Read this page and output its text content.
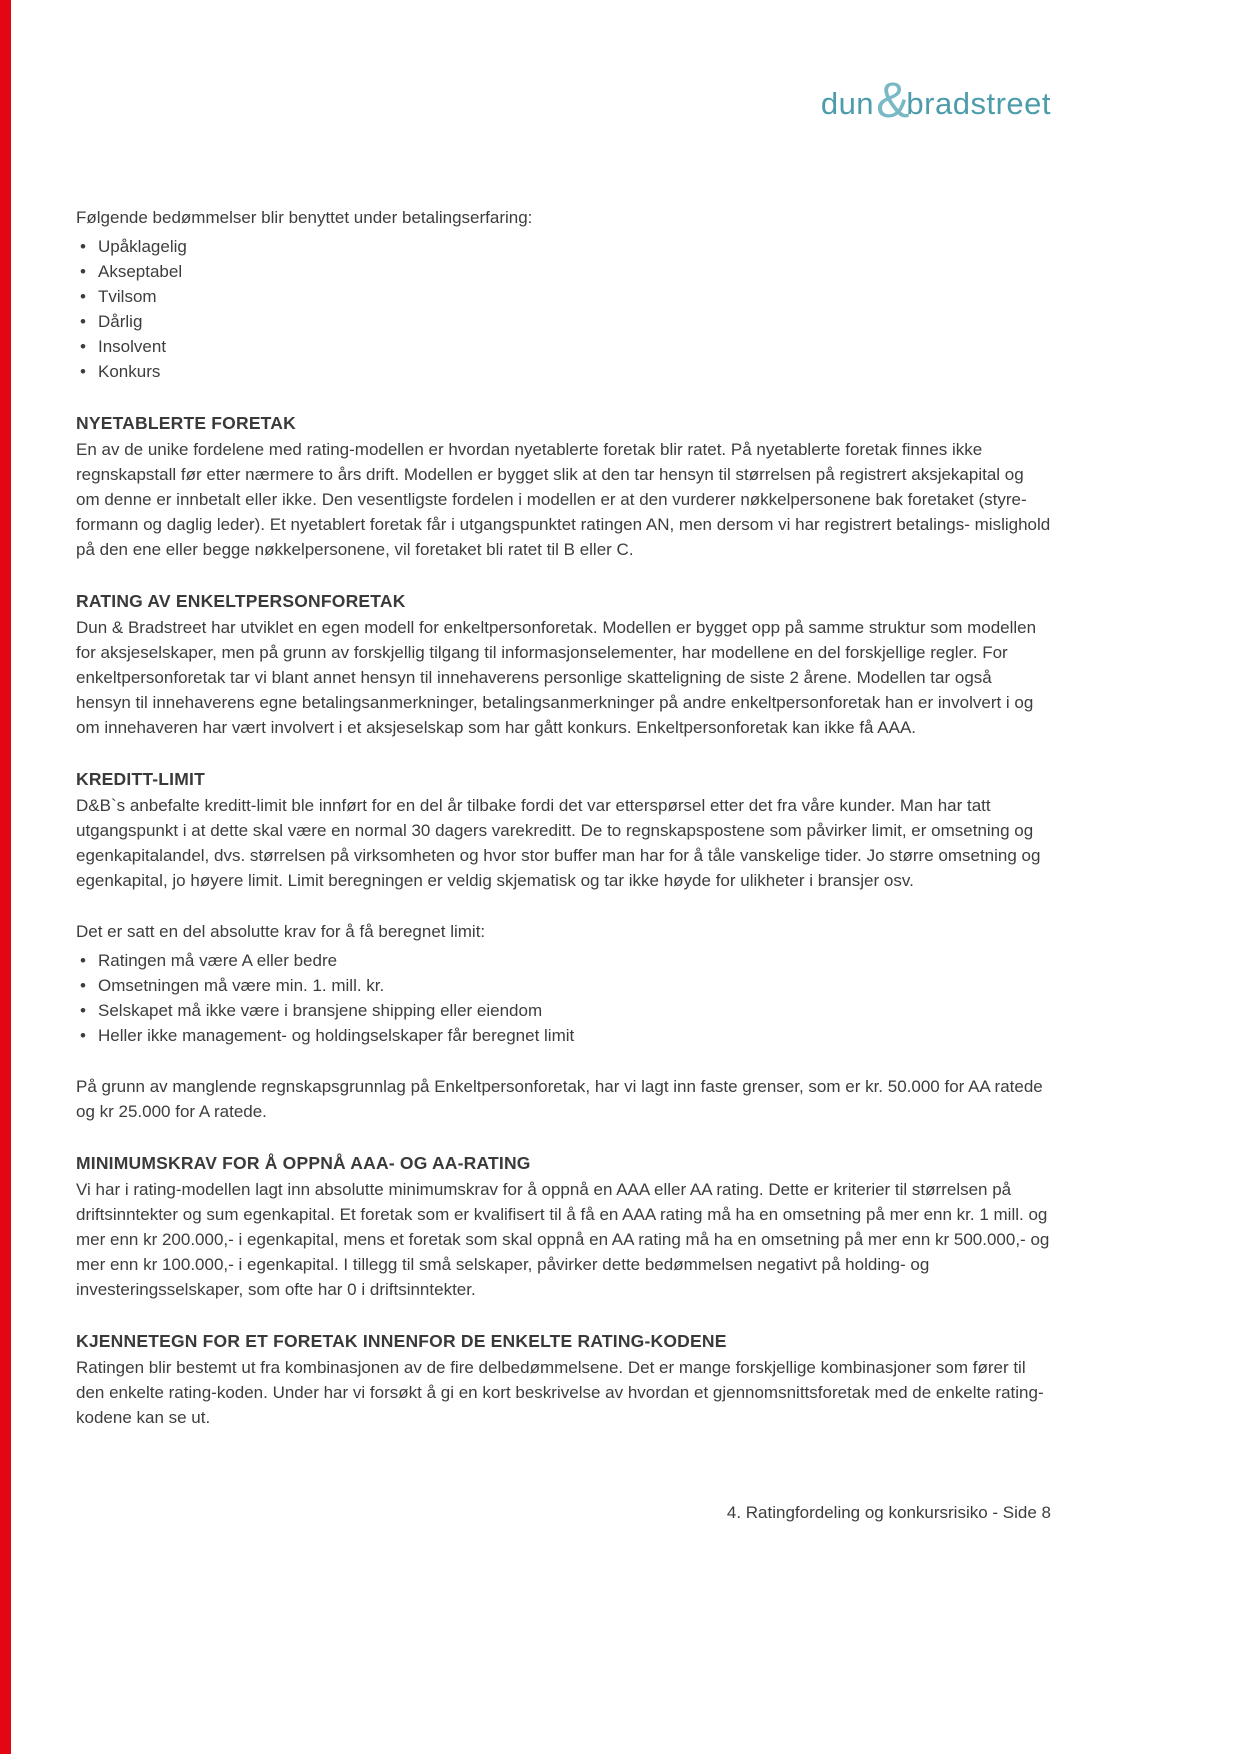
dun &
bradstreet

Følgende bedømmelser blir benyttet under betalingserfaring:

• Upåklagelig
• Akseptabel
• Tvilsom
• Dårlig
• Insolvent
• Konkurs
NYETABLERTE FORETAK

En av de unike fordelene med rating-modellen er hvordan nyetablerte foretak blir ratet. På nyetablerte foretak finnes ikke regnskapstall før etter nærmere to års drift. Modellen er bygget slik at den tar hensyn til størrelsen på registrert aksjekapital og om denne er innbetalt eller ikke. Den vesentligste fordelen i modellen er at den vurderer nøkkelpersonene bak foretaket (styre- formann og daglig leder). Et nyetablert foretak får i utgangspunktet ratingen AN, men dersom vi har registrert betalings- mislighold på den ene eller begge nøkkelpersonene, vil foretaket bli ratet til B eller C.

RATING AV ENKELTPERSONFORETAK

Dun & Bradstreet har utviklet en egen modell for enkeltpersonforetak. Modellen er bygget opp på samme struktur som modellen for aksjeselskaper, men på grunn av forskjellig tilgang til informasjonselementer, har modellene en del forskjellige regler. For enkeltpersonforetak tar vi blant annet hensyn til innehaverens personlige skatteligning de siste 2 årene. Modellen tar også hensyn til innehaverens egne betalingsanmerkninger, betalingsanmerkninger på andre enkeltpersonforetak han er involvert i og om innehaveren har vært involvert i et aksjeselskap som har gått konkurs. Enkeltpersonforetak kan ikke få AAA.

KREDITT-LIMIT

D&B`s anbefalte kreditt-limit ble innført for en del år tilbake fordi det var etterspørsel etter det fra våre kunder. Man har tatt utgangspunkt i at dette skal være en normal 30 dagers varekreditt. De to regnskapspostene som påvirker limit, er omsetning og egenkapitalandel, dvs. størrelsen på virksomheten og hvor stor buffer man har for å tåle vanskelige tider. Jo større omsetning og egenkapital, jo høyere limit. Limit beregningen er veldig skjematisk og tar ikke høyde for ulikheter i bransjer osv.

Det er satt en del absolutte krav for å få beregnet limit:

• Ratingen må være A eller bedre
• Omsetningen må være min. 1. mill. kr.
• Selskapet må ikke være i bransjene shipping eller eiendom
• Heller ikke management- og holdingselskaper får beregnet limit

På grunn av manglende regnskapsgrunnlag på Enkeltpersonforetak, har vi lagt inn faste grenser, som er kr. 50.000 for AA ratede og kr 25.000 for A ratede.

MINIMUMSKRAV FOR Å OPPNÅ AAA- OG AA-RATING

Vi har i rating-modellen lagt inn absolutte minimumskrav for å oppnå en AAA eller AA rating. Dette er kriterier til størrelsen på driftsinntekter og sum egenkapital. Et foretak som er kvalifisert til å få en AAA rating må ha en omsetning på mer enn kr. 1 mill. og mer enn kr 200.000,- i egenkapital, mens et foretak som skal oppnå en AA rating må ha en omsetning på mer enn kr 500.000,- og mer enn kr 100.000,- i egenkapital. I tillegg til små selskaper, påvirker dette bedømmelsen negativt på holding- og investeringsselskaper, som ofte har 0 i driftsinntekter.

KJENNETEGN FOR ET FORETAK INNENFOR DE ENKELTE RATING-KODENE

Ratingen blir bestemt ut fra kombinasjonen av de fire delbedømmelsene. Det er mange forskjellige kombinasjoner som fører til den enkelte rating-koden. Under har vi forsøkt å gi en kort beskrivelse av hvordan et gjennomsnittsforetak med de enkelte rating-kodene kan se ut.

4. Ratingfordeling og konkursrisiko - Side 8
